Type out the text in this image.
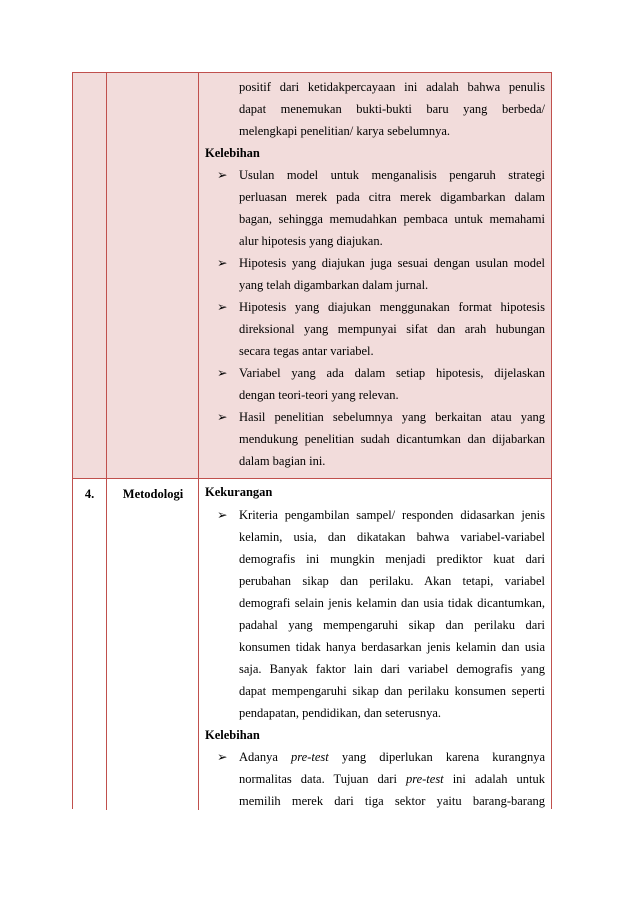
positif dari ketidakpercayaan ini adalah bahwa penulis
dapat menemukan bukti-bukti baru yang berbeda/
melengkapi penelitian/ karya sebelumnya.
Kelebihan
➢ Usulan model untuk menganalisis pengaruh strategi
perluasan merek pada citra merek digambarkan dalam
bagan, sehingga memudahkan pembaca untuk memahami
alur hipotesis yang diajukan.
➢ Hipotesis yang diajukan juga sesuai dengan usulan model
yang telah digambarkan dalam jurnal.
➢ Hipotesis yang diajukan menggunakan format hipotesis
direksional yang mempunyai sifat dan arah hubungan
secara tegas antar variabel.
➢ Variabel yang ada dalam setiap hipotesis, dijelaskan
dengan teori-teori yang relevan.
➢ Hasil penelitian sebelumnya yang berkaitan atau yang
mendukung penelitian sudah dicantumkan dan dijabarkan
dalam bagian ini.
4.	Metodologi	Kekurangan
➢ Kriteria pengambilan sampel/ responden didasarkan jenis
kelamin, usia, dan dikatakan bahwa variabel-variabel
demografis ini mungkin menjadi prediktor kuat dari
perubahan sikap dan perilaku. Akan tetapi, variabel
demografi selain jenis kelamin dan usia tidak dicantumkan,
padahal yang mempengaruhi sikap dan perilaku dari
konsumen tidak hanya berdasarkan jenis kelamin dan usia
saja. Banyak faktor lain dari variabel demografis yang
dapat mempengaruhi sikap dan perilaku konsumen seperti
pendapatan, pendidikan, dan seterusnya.
Kelebihan
➢ Adanya pre-test yang diperlukan karena kurangnya
normalitas data. Tujuan dari pre-test ini adalah untuk
memilih merek dari tiga sektor yaitu barang-barang
